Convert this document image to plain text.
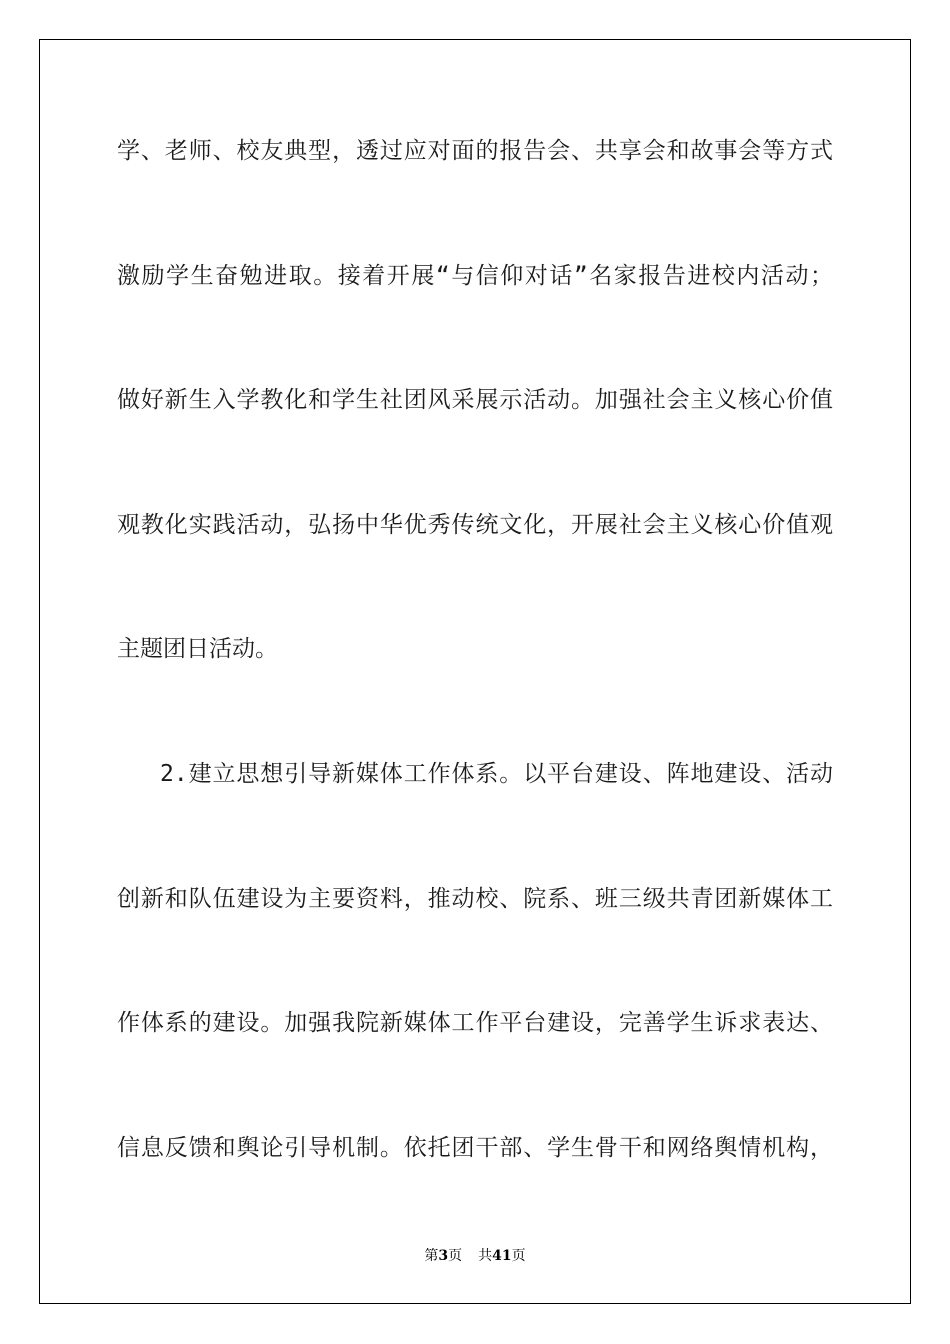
学、老师、校友典型，透过应对面的报告会、共享会和故事会等方式
激励学生奋勉进取。接着开展“与信仰对话”名家报告进校内活动；
做好新生入学教化和学生社团风采展示活动。加强社会主义核心价值
观教化实践活动，弘扬中华优秀传统文化，开展社会主义核心价值观
主题团日活动。
2.建立思想引导新媒体工作体系。以平台建设、阵地建设、活动
创新和队伍建设为主要资料，推动校、院系、班三级共青团新媒体工
作体系的建设。加强我院新媒体工作平台建设，完善学生诉求表达、
信息反馈和舆论引导机制。依托团干部、学生骨干和网络舆情机构，
第3页 共41页
